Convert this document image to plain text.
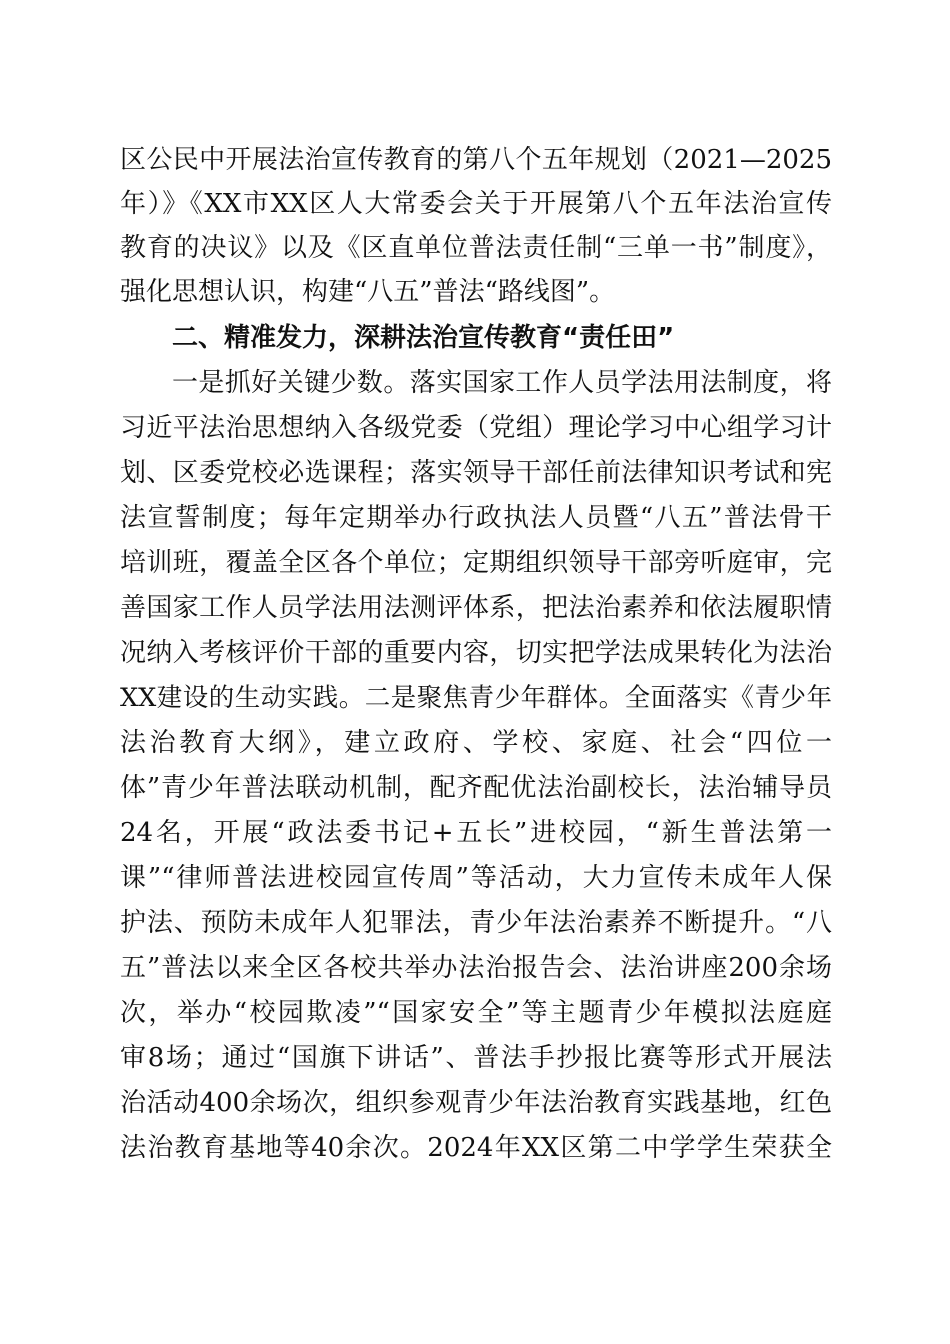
区公民中开展法治宣传教育的第八个五年规划（2021—2025
年）》《XX市XX区人大常委会关于开展第八个五年法治宣传
教育的决议》以及《区直单位普法责任制“三单一书”制度》，
强化思想认识，构建“八五”普法“路线图”。
二、精准发力，深耕法治宣传教育“责任田”
一是抓好关键少数。落实国家工作人员学法用法制度，将
习近平法治思想纳入各级党委（党组）理论学习中心组学习计
划、区委党校必选课程；落实领导干部任前法律知识考试和宪
法宣誓制度；每年定期举办行政执法人员暨“八五”普法骨干
培训班，覆盖全区各个单位；定期组织领导干部旁听庭审，完
善国家工作人员学法用法测评体系，把法治素养和依法履职情
况纳入考核评价干部的重要内容，切实把学法成果转化为法治
XX建设的生动实践。二是聚焦青少年群体。全面落实《青少年
法治教育大纲》，建立政府、学校、家庭、社会“四位一
体”青少年普法联动机制，配齐配优法治副校长，法治辅导员
24名，开展“政法委书记+五长”进校园，“新生普法第一
课”“律师普法进校园宣传周”等活动，大力宣传未成年人保
护法、预防未成年人犯罪法，青少年法治素养不断提升。“八
五”普法以来全区各校共举办法治报告会、法治讲座200余场
次，举办“校园欺凌”“国家安全”等主题青少年模拟法庭庭
审8场；通过“国旗下讲话”、普法手抄报比赛等形式开展法
治活动400余场次，组织参观青少年法治教育实践基地，红色
法治教育基地等40余次。2024年XX区第二中学学生荣获全
